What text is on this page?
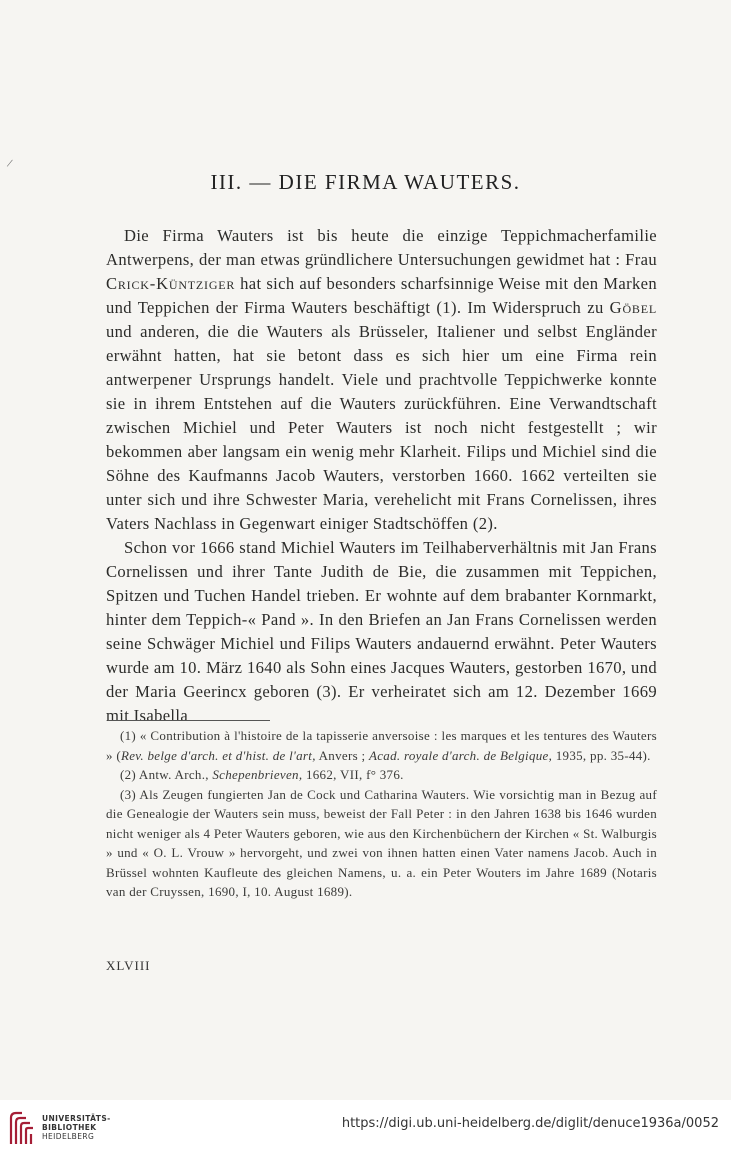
/
III. — DIE FIRMA WAUTERS.

Die Firma Wauters ist bis heute die einzige Teppichmacherfamilie Antwerpens, der man etwas gründlichere Untersuchungen gewidmet hat : Frau Crick-Küntziger hat sich auf besonders scharfsinnige Weise mit den Marken und Teppichen der Firma Wauters beschäftigt (1). Im Widerspruch zu Göbel und anderen, die die Wauters als Brüsseler, Italiener und selbst Engländer erwähnt hatten, hat sie betont dass es sich hier um eine Firma rein antwerpener Ursprungs handelt. Viele und prachtvolle Teppichwerke konnte sie in ihrem Entstehen auf die Wauters zurückführen. Eine Verwandtschaft zwischen Michiel und Peter Wauters ist noch nicht festgestellt ; wir bekommen aber langsam ein wenig mehr Klarheit. Filips und Michiel sind die Söhne des Kaufmanns Jacob Wauters, verstorben 1660. 1662 verteilten sie unter sich und ihre Schwester Maria, verehelicht mit Frans Cornelissen, ihres Vaters Nachlass in Gegenwart einiger Stadtschöffen (2).

Schon vor 1666 stand Michiel Wauters im Teilhaberverhältnis mit Jan Frans Cornelissen und ihrer Tante Judith de Bie, die zusammen mit Teppichen, Spitzen und Tuchen Handel trieben. Er wohnte auf dem brabanter Kornmarkt, hinter dem Teppich-« Pand ». In den Briefen an Jan Frans Cornelissen werden seine Schwäger Michiel und Filips Wauters andauernd erwähnt. Peter Wauters wurde am 10. März 1640 als Sohn eines Jacques Wauters, gestorben 1670, und der Maria Geerincx geboren (3). Er verheiratet sich am 12. Dezember 1669 mit Isabella

(1) « Contribution à l'histoire de la tapisserie anversoise : les marques et les tentures des Wauters » (Rev. belge d'arch. et d'hist. de l'art, Anvers ; Acad. royale d'arch. de Belgique, 1935, pp. 35-44).

(2) Antw. Arch., Schepenbrieven, 1662, VII, f° 376.

(3) Als Zeugen fungierten Jan de Cock und Catharina Wauters. Wie vorsichtig man in Bezug auf die Genealogie der Wauters sein muss, beweist der Fall Peter : in den Jahren 1638 bis 1646 wurden nicht weniger als 4 Peter Wauters geboren, wie aus den Kirchenbüchern der Kirchen « St. Walburgis » und « O. L. Vrouw » hervorgeht, und zwei von ihnen hatten einen Vater namens Jacob. Auch in Brüssel wohnten Kaufleute des gleichen Namens, u. a. ein Peter Wouters im Jahre 1689 (Notaris van der Cruyssen, 1690, I, 10. August 1689).

XLVIII
UNIVERSITÄTS-
BIBLIOTHEK
HEIDELBERG
https://digi.ub.uni-heidelberg.de/diglit/denuce1936a/0052
